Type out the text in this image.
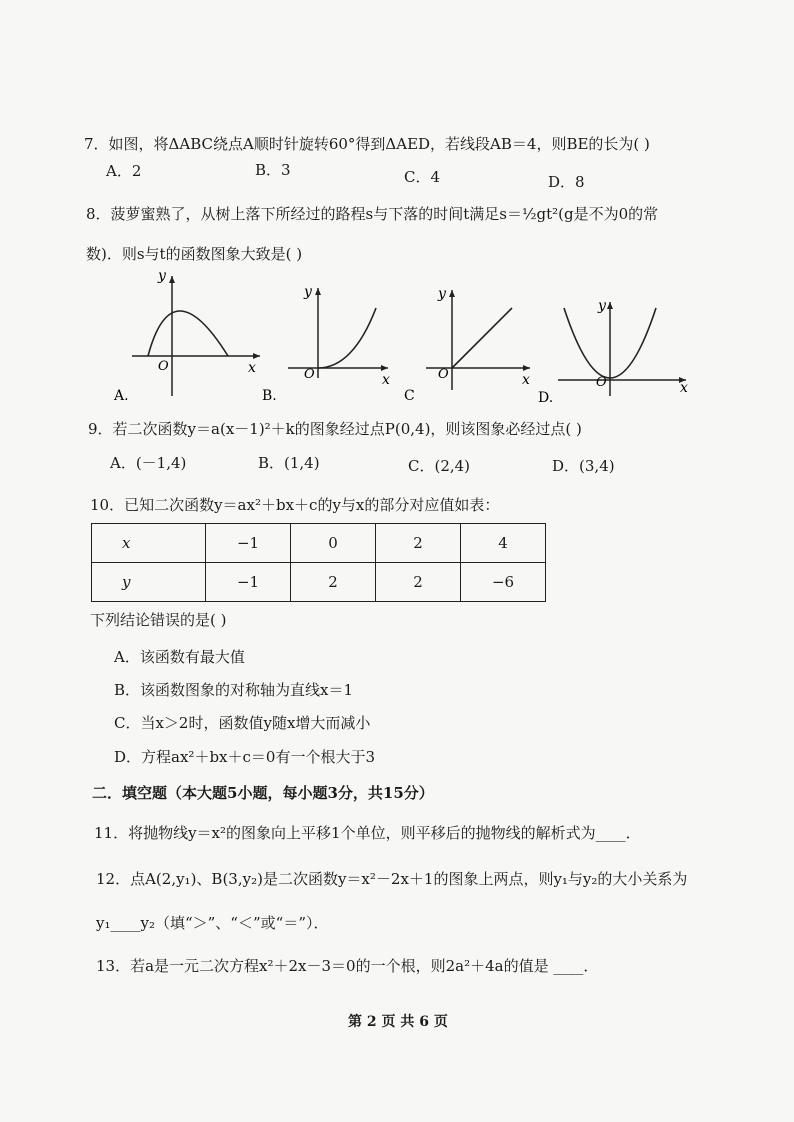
7．如图，将ΔABC绕点A顺时针旋转60°得到ΔAED，若线段AB＝4，则BE的长为( )
A．2	B．3	C．4	D．8
8．菠萝蜜熟了，从树上落下所经过的路程s与下落的时间t满足s＝½gt²(g是不为0的常
数)．则s与t的函数图象大致是( )
y
x
O
A.
y
x
O
B.
y
x
O
C
y
x
O
D.
9．若二次函数y＝a(x－1)²＋k的图象经过点P(0,4)，则该图象必经过点( )
A．(－1,4)	B．(1,4)	C．(2,4)	D．(3,4)
10．已知二次函数y＝ax²＋bx＋c的y与x的部分对应值如表：
x	−1	0	2	4
y	−1	2	2	−6
下列结论错误的是( )
A．该函数有最大值
B．该函数图象的对称轴为直线x＝1
C．当x＞2时，函数值y随x增大而减小
D．方程ax²＋bx＋c＝0有一个根大于3
二．填空题（本大题5小题，每小题3分，共15分）
11．将抛物线y＝x²的图象向上平移1个单位，则平移后的抛物线的解析式为____．
12．点A(2,y₁)、B(3,y₂)是二次函数y＝x²－2x＋1的图象上两点，则y₁与y₂的大小关系为
y₁____y₂（填“＞”、“＜”或“＝”）．
13．若a是一元二次方程x²＋2x－3＝0的一个根，则2a²＋4a的值是 ____．
第 2 页 共 6 页
